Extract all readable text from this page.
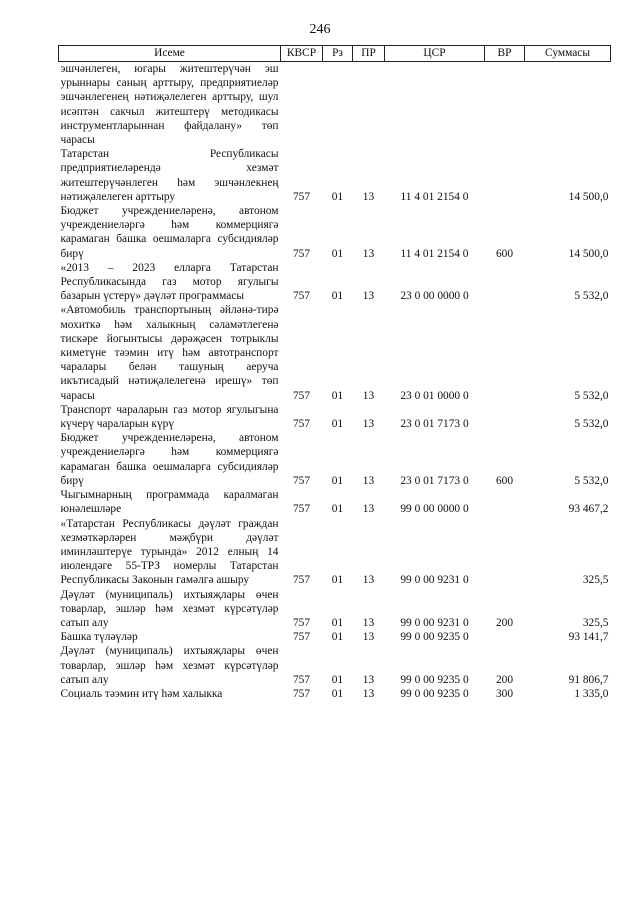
246
Исеме	КВСР	Рз	ПР	ЦСР	ВР	Суммасы
эшчәнлеген, югары житештерүчән эш урыннары саның арттыру, предприятиеләр эшчәнлегенең нәтиҗәлелеген арттыру, шул исәптән сакчыл житештерү методикасы инструментларыннан файдалану» төп чарасы						
Татарстан Республикасы предприятиеләрендә хезмәт житештерүчәнлеген һәм эшчәнлекнең нәтиҗәлелеген арттыру	757	01	13	11 4 01 2154 0		14 500,0
Бюджет учреждениеләренә, автоном учреждениеләргә һәм коммерциягә карамаган башка оешмаларга субсидияләр бирү	757	01	13	11 4 01 2154 0	600	14 500,0
«2013 – 2023 елларга Татарстан Республикасында газ мотор ягулыгы базарын үстерү» дәүләт программасы	757	01	13	23 0 00 0000 0		5 532,0
«Автомобиль транспортының әйләнә-тирә мохиткә һәм халыкның сәламәтлегенә тискәре йогынтысы дәрәҗәсен тотрыклы киметүне тәэмин итү һәм автотранспорт чаралары белән ташуның аеруча икътисадый нәтиҗәлелегенә ирешү» төп чарасы	757	01	13	23 0 01 0000 0		5 532,0
Транспорт чараларын газ мотор ягулыгына күчерү чараларын күрү	757	01	13	23 0 01 7173 0		5 532,0
Бюджет учреждениеләренә, автоном учреждениеләргә һәм коммерциягә карамаган башка оешмаларга субсидияләр бирү	757	01	13	23 0 01 7173 0	600	5 532,0
Чыгымнарның программада каралмаган юнәлешләре	757	01	13	99 0 00 0000 0		93 467,2
«Татарстан Республикасы дәүләт граждан хезмәткәрләрен мәҗбүри дәүләт иминләштерүе турында» 2012 елның 14 июлендәге 55-ТРЗ номерлы Татарстан Республикасы Законын гамәлгә ашыру	757	01	13	99 0 00 9231 0		325,5
Дәүләт (муниципаль) ихтыяҗлары өчен товарлар, эшләр һәм хезмәт күрсәтүләр сатып алу	757	01	13	99 0 00 9231 0	200	325,5
Башка түләүләр	757	01	13	99 0 00 9235 0		93 141,7
Дәүләт (муниципаль) ихтыяҗлары өчен товарлар, эшләр һәм хезмәт күрсәтүләр сатып алу	757	01	13	99 0 00 9235 0	200	91 806,7
Социаль тәэмин итү һәм халыкка	757	01	13	99 0 00 9235 0	300	1 335,0
